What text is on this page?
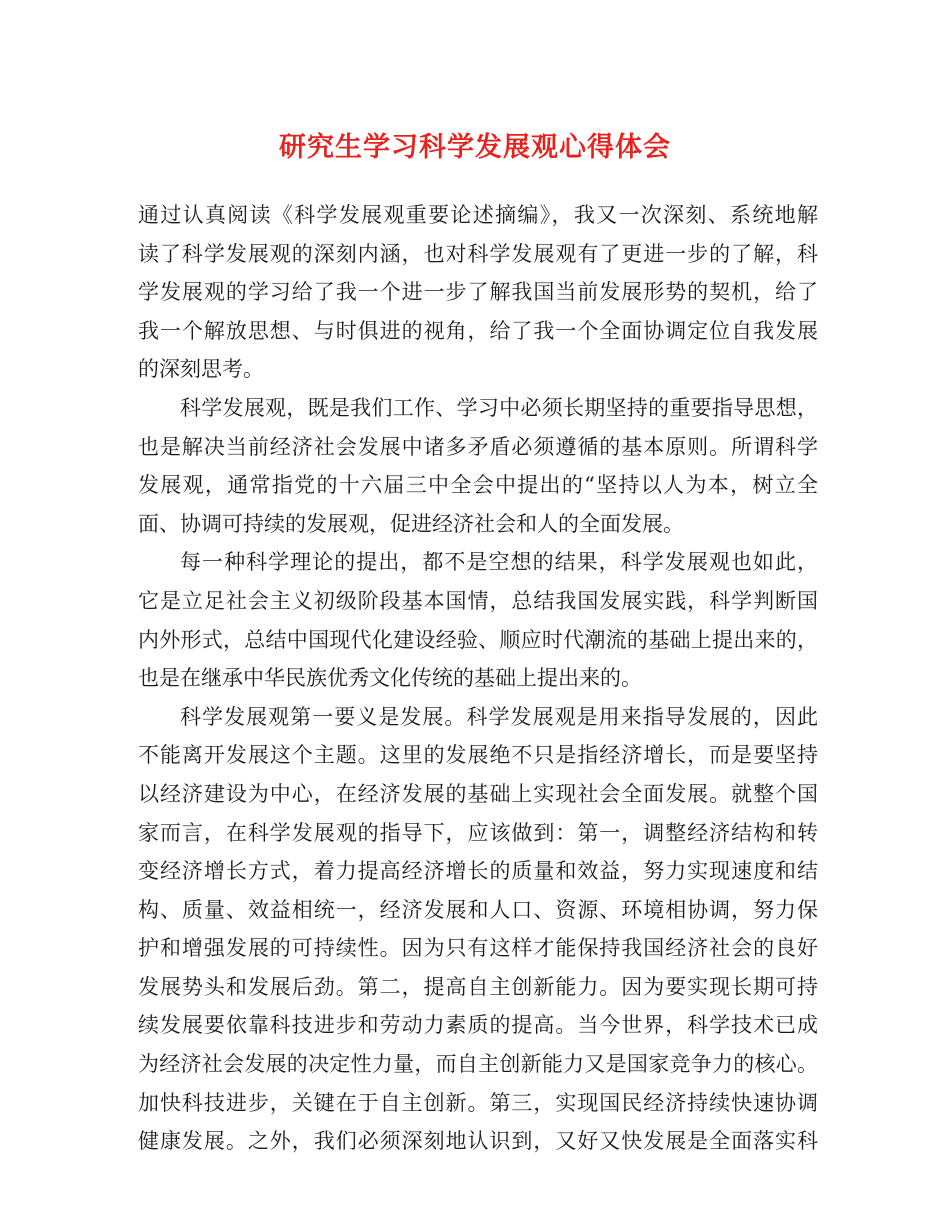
研究生学习科学发展观心得体会
通过认真阅读《科学发展观重要论述摘编》，我又一次深刻、系统地解
读了科学发展观的深刻内涵，也对科学发展观有了更进一步的了解，科
学发展观的学习给了我一个进一步了解我国当前发展形势的契机，给了
我一个解放思想、与时俱进的视角，给了我一个全面协调定位自我发展
的深刻思考。
科学发展观，既是我们工作、学习中必须长期坚持的重要指导思想，
也是解决当前经济社会发展中诸多矛盾必须遵循的基本原则。所谓科学
发展观，通常指党的十六届三中全会中提出的“坚持以人为本，树立全
面、协调可持续的发展观，促进经济社会和人的全面发展。
每一种科学理论的提出，都不是空想的结果，科学发展观也如此，
它是立足社会主义初级阶段基本国情，总结我国发展实践，科学判断国
内外形式，总结中国现代化建设经验、顺应时代潮流的基础上提出来的，
也是在继承中华民族优秀文化传统的基础上提出来的。
科学发展观第一要义是发展。科学发展观是用来指导发展的，因此
不能离开发展这个主题。这里的发展绝不只是指经济增长，而是要坚持
以经济建设为中心，在经济发展的基础上实现社会全面发展。就整个国
家而言，在科学发展观的指导下，应该做到：第一，调整经济结构和转
变经济增长方式，着力提高经济增长的质量和效益，努力实现速度和结
构、质量、效益相统一，经济发展和人口、资源、环境相协调，努力保
护和增强发展的可持续性。因为只有这样才能保持我国经济社会的良好
发展势头和发展后劲。第二，提高自主创新能力。因为要实现长期可持
续发展要依靠科技进步和劳动力素质的提高。当今世界，科学技术已成
为经济社会发展的决定性力量，而自主创新能力又是国家竞争力的核心。
加快科技进步，关键在于自主创新。第三，实现国民经济持续快速协调
健康发展。之外，我们必须深刻地认识到，又好又快发展是全面落实科
